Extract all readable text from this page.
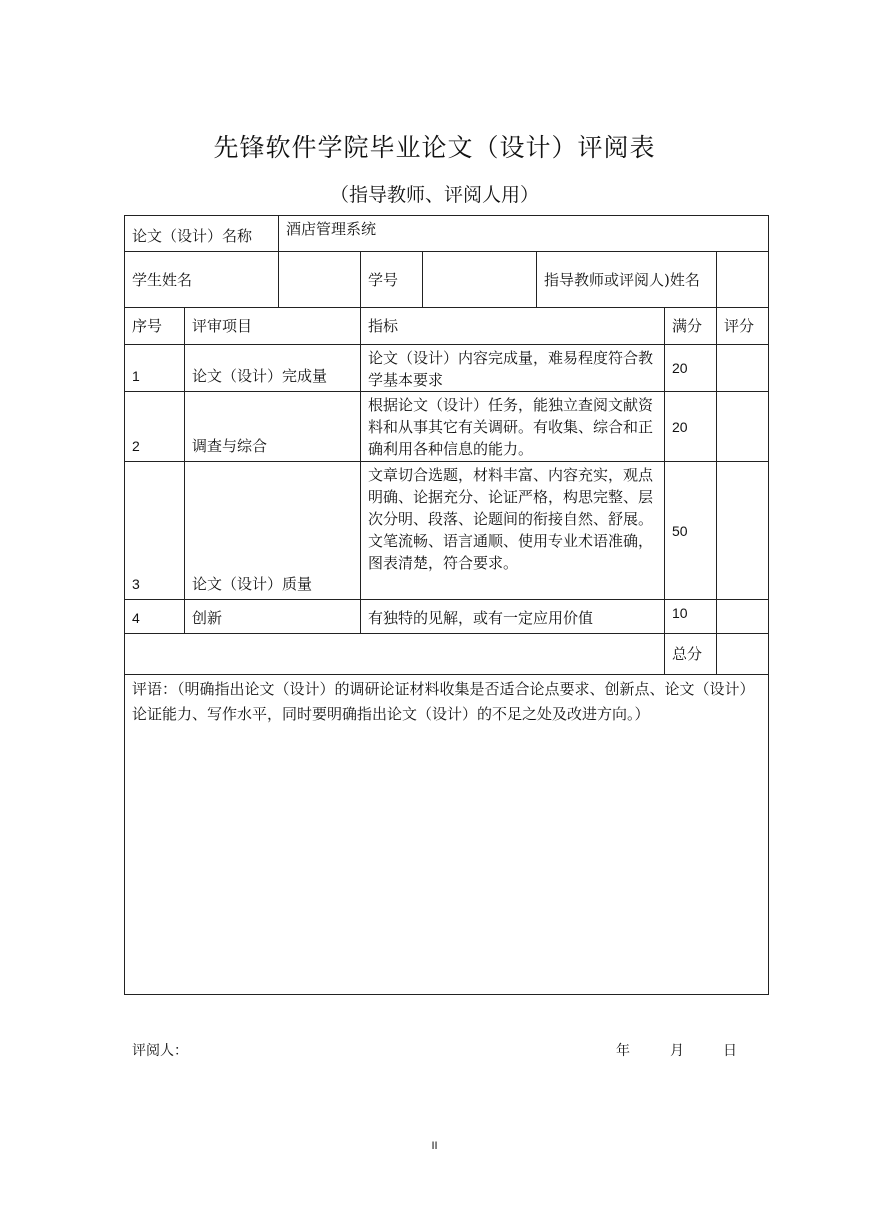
先锋软件学院毕业论文（设计）评阅表
（指导教师、评阅人用）
论文（设计）名称		酒店管理系统					
学生姓名			学号		指导教师或评阅人)姓名		
序号	评审项目		指标			满分	评分
1	论文（设计）完成量		论文（设计）内容完成量，难易程度符合教学基本要求			20	
2	调查与综合		根据论文（设计）任务，能独立查阅文献资料和从事其它有关调研。有收集、综合和正确利用各种信息的能力。			20	
3	论文（设计）质量		文章切合选题，材料丰富、内容充实，观点明确、论据充分、论证严格，构思完整、层次分明、段落、论题间的衔接自然、舒展。文笔流畅、语言通顺、使用专业术语准确，图表清楚，符合要求。			50	
4	创新		有独特的见解，或有一定应用价值			10	
						总分	
评语：（明确指出论文（设计）的调研论证材料收集是否适合论点要求、创新点、论文（设计）论证能力、写作水平，同时要明确指出论文（设计）的不足之处及改进方向。）							
评阅人：	年	月	日
II
